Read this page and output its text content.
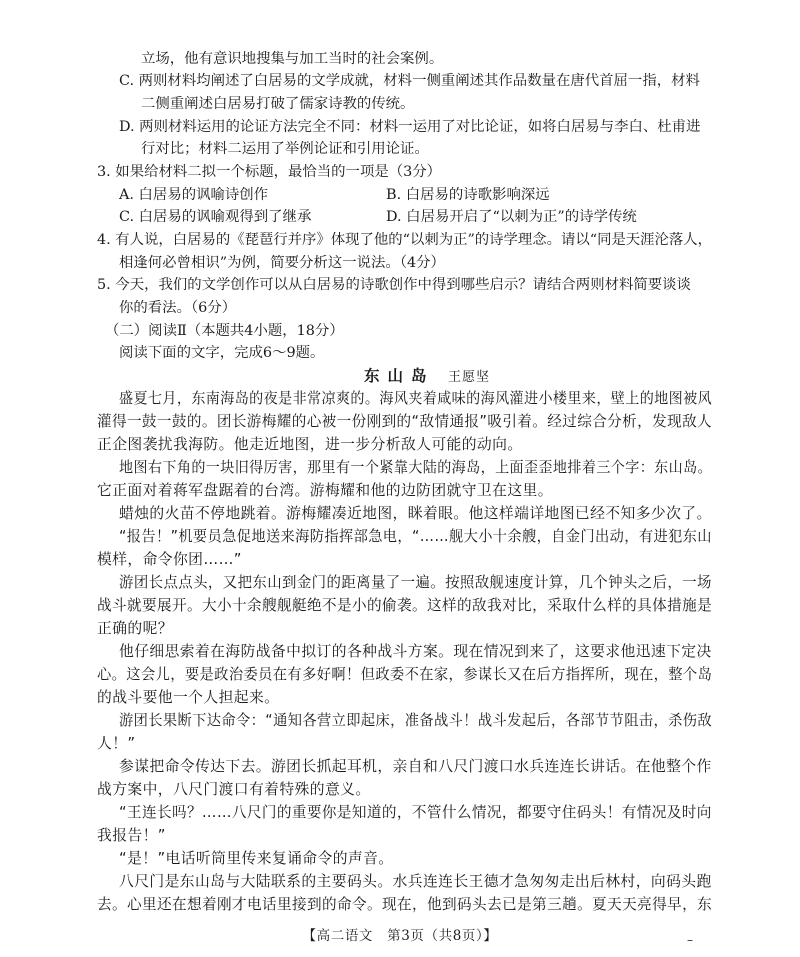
立场，他有意识地搜集与加工当时的社会案例。
C. 两则材料均阐述了白居易的文学成就，材料一侧重阐述其作品数量在唐代首屈一指，材料
二侧重阐述白居易打破了儒家诗教的传统。
D. 两则材料运用的论证方法完全不同：材料一运用了对比论证，如将白居易与李白、杜甫进
行对比；材料二运用了举例论证和引用论证。
3. 如果给材料二拟一个标题，最恰当的一项是（3分）
A. 白居易的讽喻诗创作	B. 白居易的诗歌影响深远
C. 白居易的讽喻观得到了继承	D. 白居易开启了“以刺为正”的诗学传统
4. 有人说，白居易的《琵琶行并序》体现了他的“以刺为正”的诗学理念。请以“同是天涯沦落人，
相逢何必曾相识”为例，简要分析这一说法。（4分）
5. 今天，我们的文学创作可以从白居易的诗歌创作中得到哪些启示？请结合两则材料简要谈谈
你的看法。（6分）
（二）阅读Ⅱ（本题共4小题，18分）
阅读下面的文字，完成6～9题。
东山岛 王愿坚
盛夏七月，东南海岛的夜是非常凉爽的。海风夹着咸味的海风灌进小楼里来，壁上的地图被风
灌得一鼓一鼓的。团长游梅耀的心被一份刚到的“敌情通报”吸引着。经过综合分析，发现敌人
正企图袭扰我海防。他走近地图，进一步分析敌人可能的动向。
地图右下角的一块旧得厉害，那里有一个紧靠大陆的海岛，上面歪歪地排着三个字：东山岛。
它正面对着蒋军盘踞着的台湾。游梅耀和他的边防团就守卫在这里。
蜡烛的火苗不停地跳着。游梅耀凑近地图，眯着眼。他这样端详地图已经不知多少次了。
“报告！”机要员急促地送来海防指挥部急电，“……舰大小十余艘，自金门出动，有进犯东山
模样，命令你团……”
游团长点点头，又把东山到金门的距离量了一遍。按照敌舰速度计算，几个钟头之后，一场
战斗就要展开。大小十余艘舰艇绝不是小的偷袭。这样的敌我对比，采取什么样的具体措施是
正确的呢？
他仔细思索着在海防战备中拟订的各种战斗方案。现在情况到来了，这要求他迅速下定决
心。这会儿，要是政治委员在有多好啊！但政委不在家，参谋长又在后方指挥所，现在，整个岛
的战斗要他一个人担起来。
游团长果断下达命令：“通知各营立即起床，准备战斗！战斗发起后，各部节节阻击，杀伤敌
人！”
参谋把命令传达下去。游团长抓起耳机，亲自和八尺门渡口水兵连连长讲话。在他整个作
战方案中，八尺门渡口有着特殊的意义。
“王连长吗？……八尺门的重要你是知道的，不管什么情况，都要守住码头！有情况及时向
我报告！”
“是！”电话听筒里传来复诵命令的声音。
八尺门是东山岛与大陆联系的主要码头。水兵连连长王德才急匆匆走出后林村，向码头跑
去。心里还在想着刚才电话里接到的命令。现在，他到码头去已是第三趟。夏天天亮得早，东
【高二语文　第3页（共8页）】	–
